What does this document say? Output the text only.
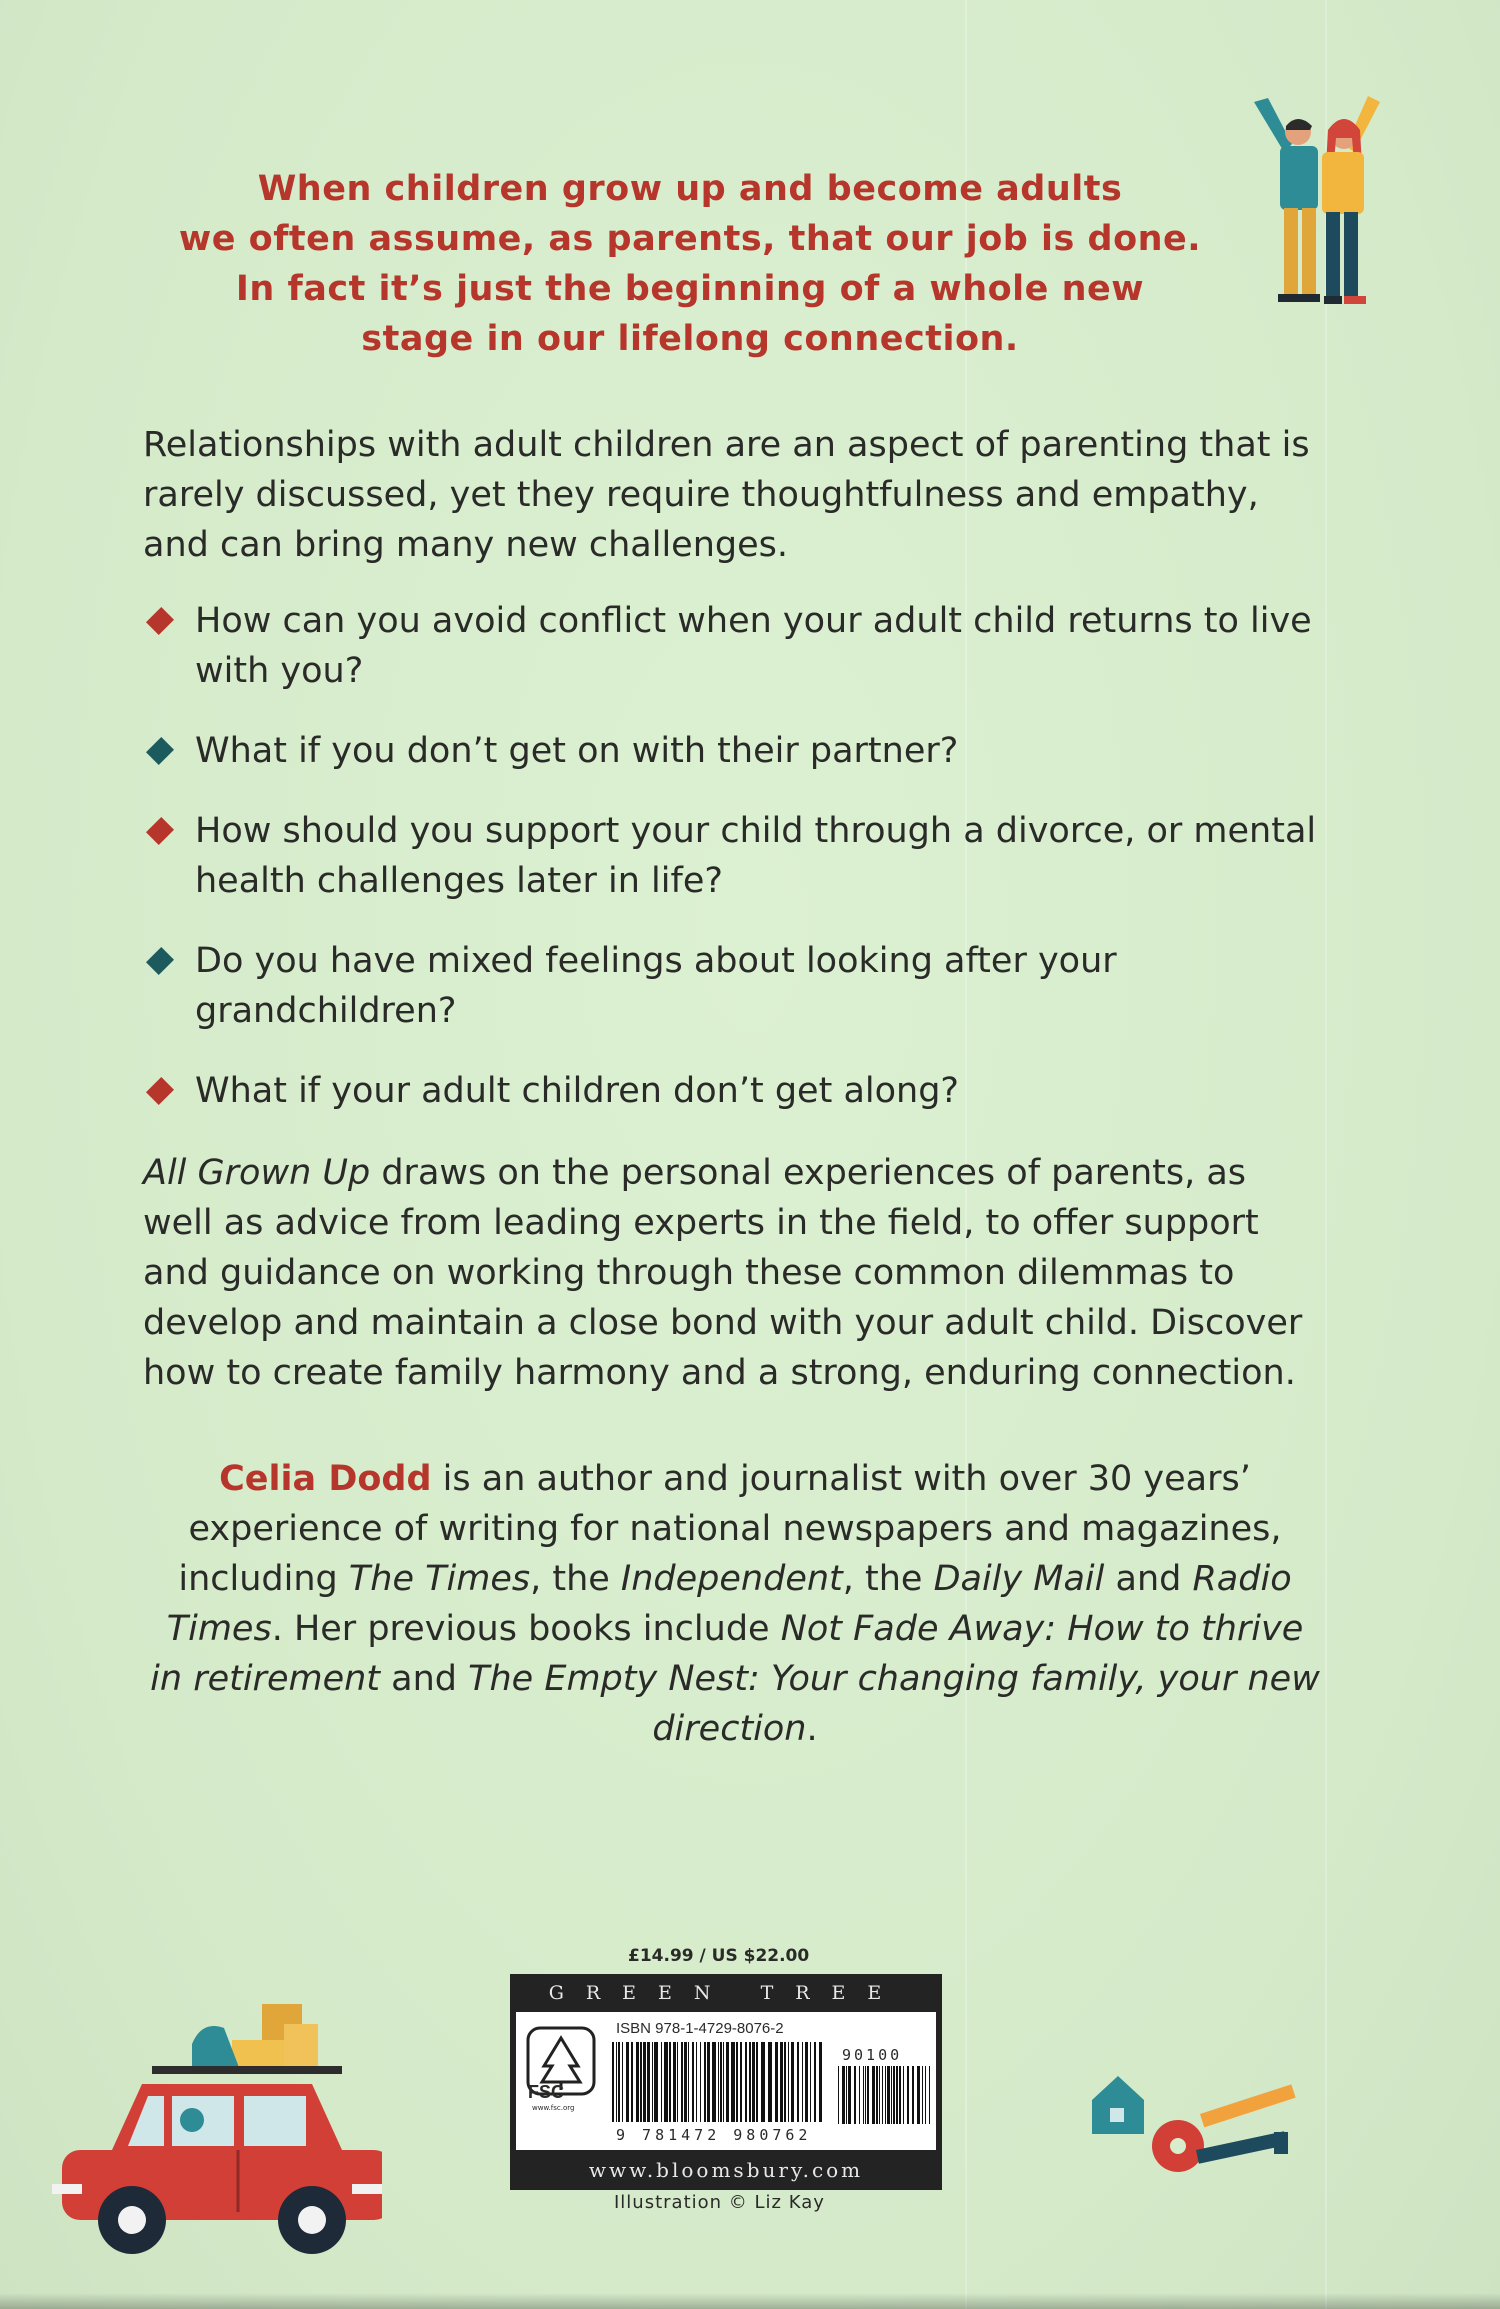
When children grow up and become adults
we often assume, as parents, that our job is done.
In fact it’s just the beginning of a whole new
stage in our lifelong connection.
Relationships with adult children are an aspect of parenting that is rarely discussed, yet they require thoughtfulness and empathy, and can bring many new challenges.
How can you avoid conflict when your adult child returns to live with you?
What if you don’t get on with their partner?
How should you support your child through a divorce, or mental health challenges later in life?
Do you have mixed feelings about looking after your grandchildren?
What if your adult children don’t get along?
All Grown Up draws on the personal experiences of parents, as well as advice from leading experts in the field, to offer support and guidance on working through these common dilemmas to develop and maintain a close bond with your adult child. Discover how to create family harmony and a strong, enduring connection.
Celia Dodd is an author and journalist with over 30 years’ experience of writing for national newspapers and magazines, including The Times, the Independent, the Daily Mail and Radio Times. Her previous books include Not Fade Away: How to thrive in retirement and The Empty Nest: Your changing family, your new direction.
£14.99 / US $22.00
GREEN TREE
FSC
www.fsc.org
ISBN 978-1-4729-8076-2
90100
9 781472 980762
www.bloomsbury.com
Illustration © Liz Kay
